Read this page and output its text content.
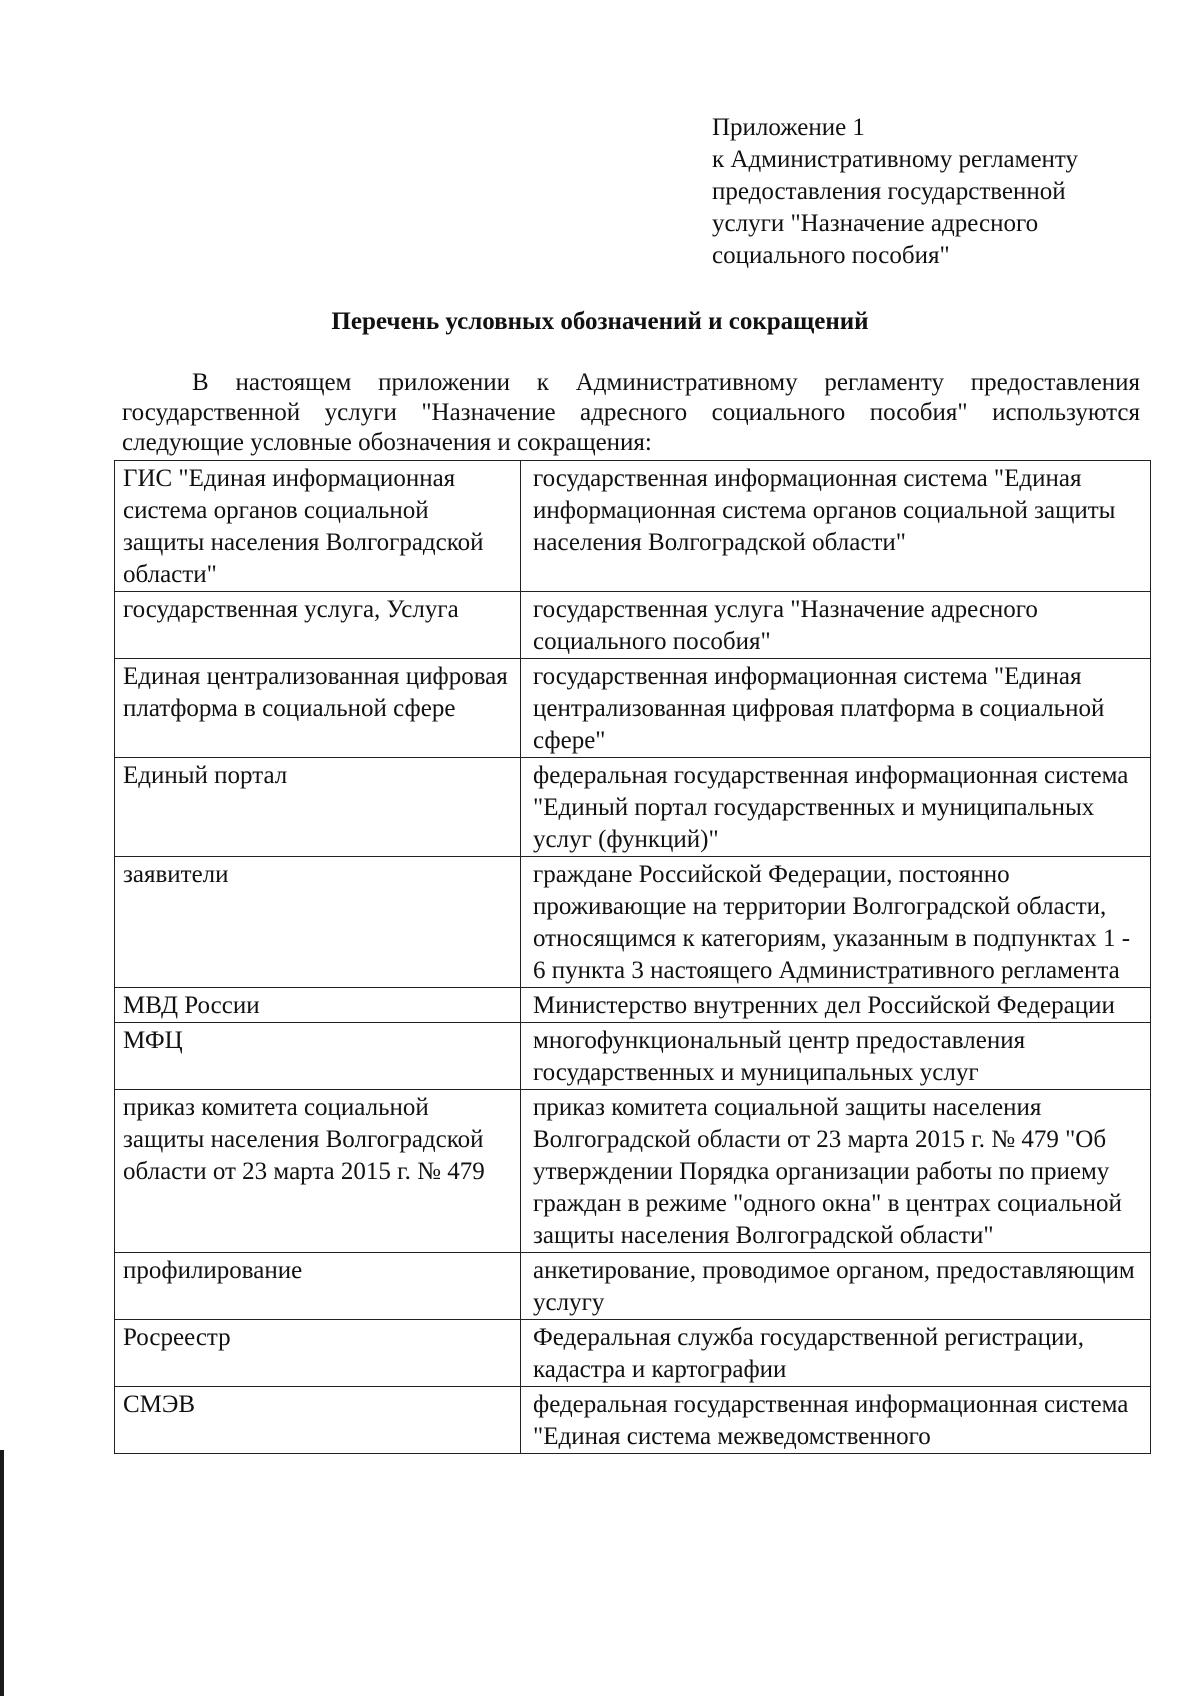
Приложение 1
к Административному регламенту
предоставления государственной
услуги "Назначение адресного
социального пособия"
Перечень условных обозначений и сокращений
В настоящем приложении к Административному регламенту предоставления государственной услуги "Назначение адресного социального пособия" используются следующие условные обозначения и сокращения:
ГИС "Единая информационная система органов социальной защиты населения Волгоградской области"	государственная информационная система "Единая информационная система органов социальной защиты населения Волгоградской области"
государственная услуга, Услуга	государственная услуга "Назначение адресного социального пособия"
Единая централизованная цифровая платформа в социальной сфере	государственная информационная система "Единая централизованная цифровая платформа в социальной сфере"
Единый портал	федеральная государственная информационная система "Единый портал государственных и муниципальных услуг (функций)"
заявители	граждане Российской Федерации, постоянно проживающие на территории Волгоградской области, относящимся к категориям, указанным в подпунктах 1 - 6 пункта 3 настоящего Административного регламента
МВД России	Министерство внутренних дел Российской Федерации
МФЦ	многофункциональный центр предоставления государственных и муниципальных услуг
приказ комитета социальной защиты населения Волгоградской области от 23 марта 2015 г. № 479	приказ комитета социальной защиты населения Волгоградской области от 23 марта 2015 г. № 479 "Об утверждении Порядка организации работы по приему граждан в режиме "одного окна" в центрах социальной защиты населения Волгоградской области"
профилирование	анкетирование, проводимое органом, предоставляющим услугу
Росреестр	Федеральная служба государственной регистрации, кадастра и картографии
СМЭВ	федеральная государственная информационная система "Единая система межведомственного
